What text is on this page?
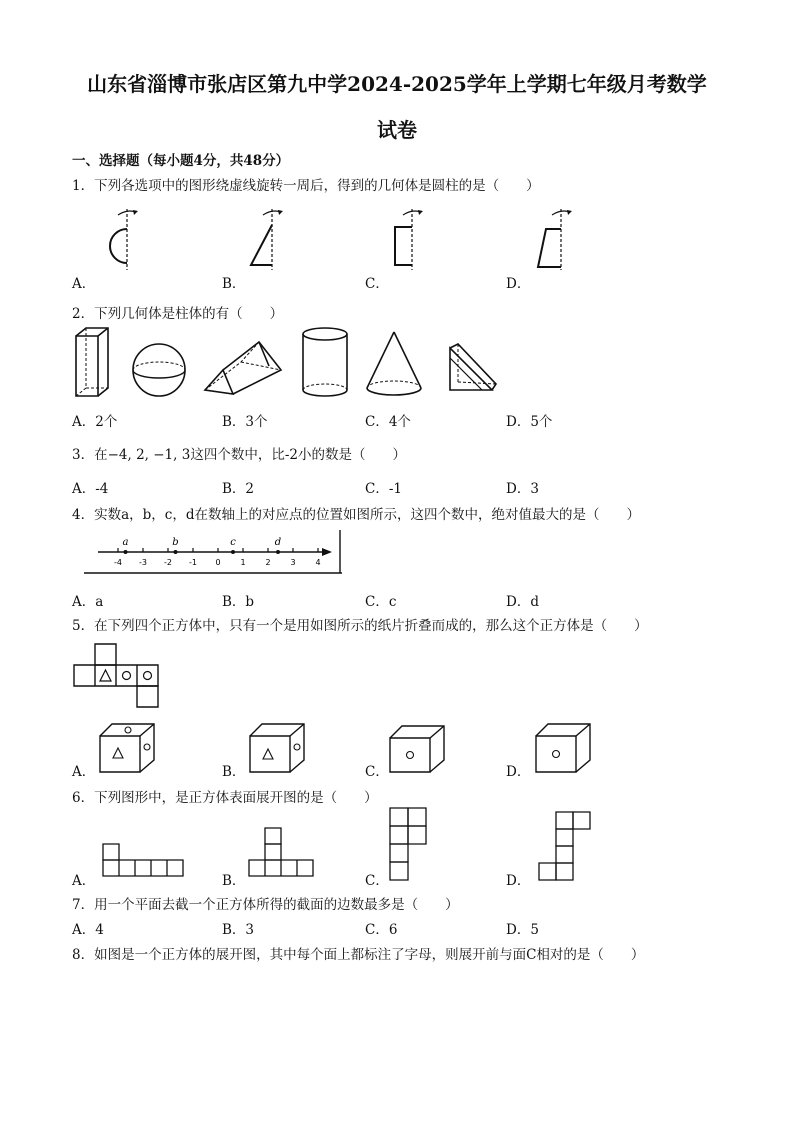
山东省淄博市张店区第九中学2024-2025学年上学期七年级月考数学
试卷
一、选择题（每小题4分，共48分）
1．下列各选项中的图形绕虚线旋转一周后，得到的几何体是圆柱的是（　　）
A．	B．	C．	D．
2．下列几何体是柱体的有（　　）
A．2个	B．3个	C．4个	D．5个
3．在−4, 2, −1, 3这四个数中，比-2小的数是（　　）
A．-4	B．2	C．-1	D．3
4．实数a，b，c，d在数轴上的对应点的位置如图所示，这四个数中，绝对值最大的是（　　）
-4 -3 -2 -1 0 1 2 3 4
a	b	c	d
A．a	B．b	C．c	D．d
5．在下列四个正方体中，只有一个是用如图所示的纸片折叠而成的，那么这个正方体是（　　）
A．	B．	C．	D．
6．下列图形中，是正方体表面展开图的是（　　）
A．	B．	C．	D．
7．用一个平面去截一个正方体所得的截面的边数最多是（　　）
A．4	B．3	C．6	D．5
8．如图是一个正方体的展开图，其中每个面上都标注了字母，则展开前与面C相对的是（　　）
